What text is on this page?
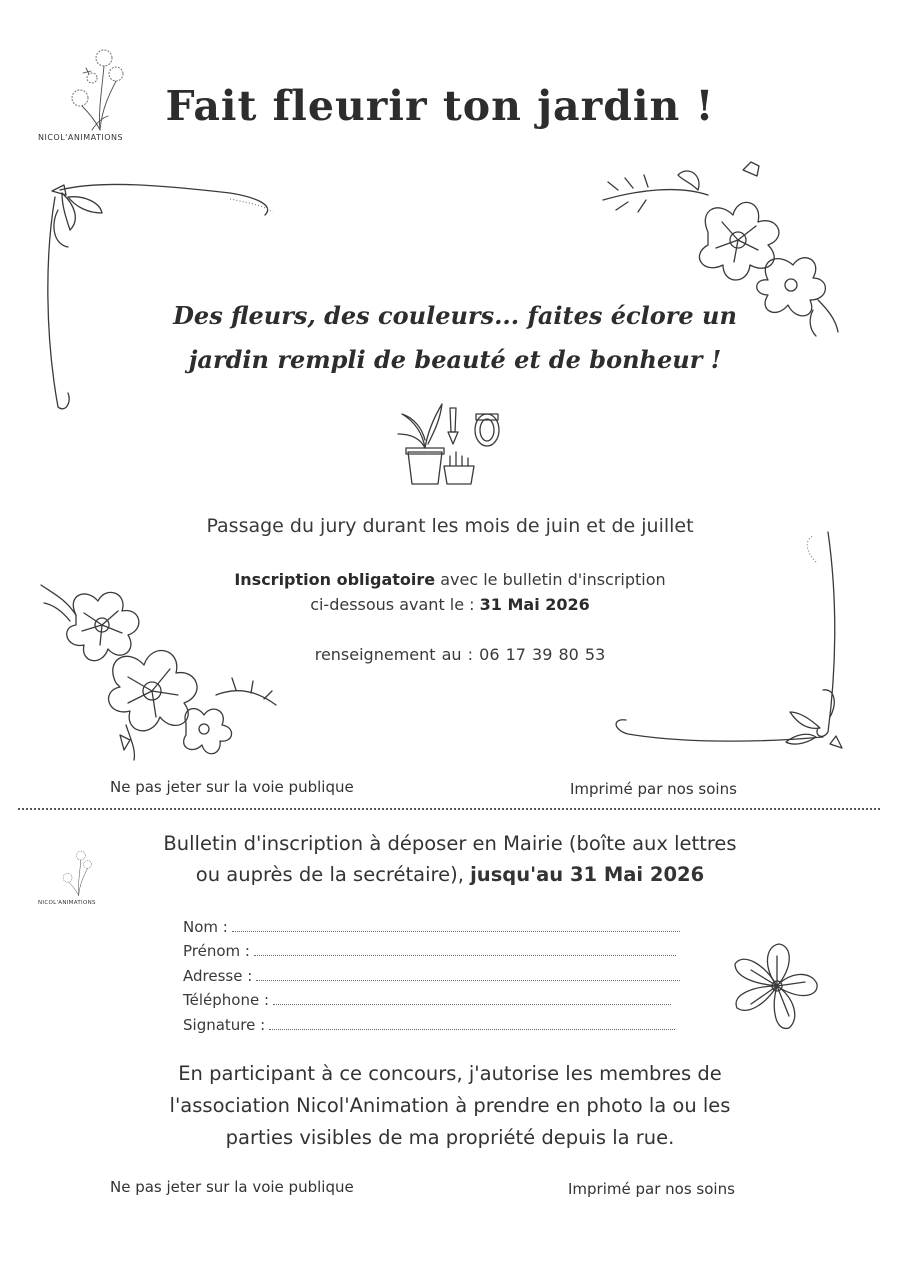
NICOL'ANIMATIONS
Fait fleurir ton jardin !
Des fleurs, des couleurs... faites éclore un
jardin rempli de beauté et de bonheur !
Passage du jury durant les mois de juin et de juillet
Inscription obligatoire avec le bulletin d'inscription
ci-dessous avant le : 31 Mai 2026
renseignement au : 06 17 39 80 53
Ne pas jeter sur la voie publique	Imprimé par nos soins
NICOL'ANIMATIONS
Bulletin d'inscription à déposer en Mairie (boîte aux lettres
ou auprès de la secrétaire), jusqu'au 31 Mai 2026
Nom :
Prénom :
Adresse :
Téléphone :
Signature :
En participant à ce concours, j'autorise les membres de
l'association Nicol'Animation à prendre en photo la ou les
parties visibles de ma propriété depuis la rue.
Ne pas jeter sur la voie publique	Imprimé par nos soins
